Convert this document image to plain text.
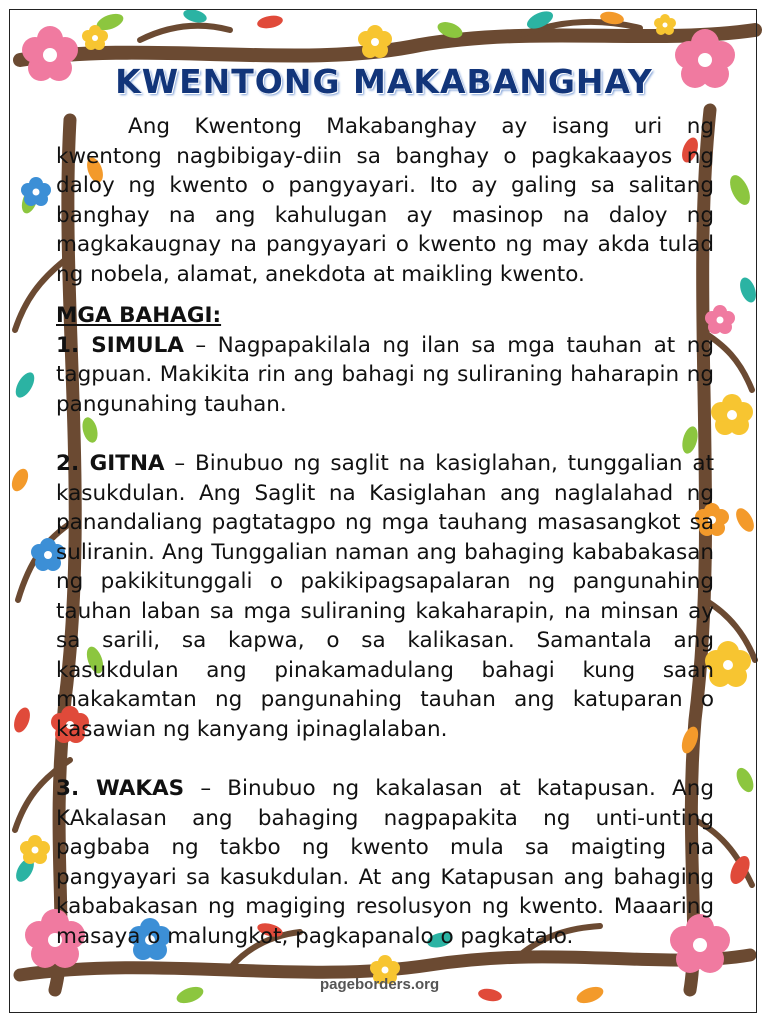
KWENTONG MAKABANGHAY

Ang Kwentong Makabanghay ay isang uri ng kwentong nagbibigay-diin sa banghay o pagkakaayos ng daloy ng kwento o pangyayari. Ito ay galing sa salitang banghay na ang kahulugan ay masinop na daloy ng magkakaugnay na pangyayari o kwento ng may akda tulad ng nobela, alamat, anekdota at maikling kwento.

MGA BAHAGI:

1. SIMULA – Nagpapakilala ng ilan sa mga tauhan at ng tagpuan. Makikita rin ang bahagi ng suliraning haharapin ng pangunahing tauhan.

2. GITNA – Binubuo ng saglit na kasiglahan, tunggalian at kasukdulan. Ang Saglit na Kasiglahan ang naglalahad ng panandaliang pagtatagpo ng mga tauhang masasangkot sa suliranin. Ang Tunggalian naman ang bahaging kababakasan ng pakikitunggali o pakikipagsapalaran ng pangunahing tauhan laban sa mga suliraning kakaharapin, na minsan ay sa sarili, sa kapwa, o sa kalikasan. Samantala ang kasukdulan ang pinakamadulang bahagi kung saan makakamtan ng pangunahing tauhan ang katuparan o kasawian ng kanyang ipinaglalaban.

3. WAKAS – Binubuo ng kakalasan at katapusan. Ang KAkalasan ang bahaging nagpapakita ng unti-unting pagbaba ng takbo ng kwento mula sa maigting na pangyayari sa kasukdulan. At ang Katapusan ang bahaging kababakasan ng magiging resolusyon ng kwento. Maaaring masaya o malungkot, pagkapanalo o pagkatalo.

pageborders.org
